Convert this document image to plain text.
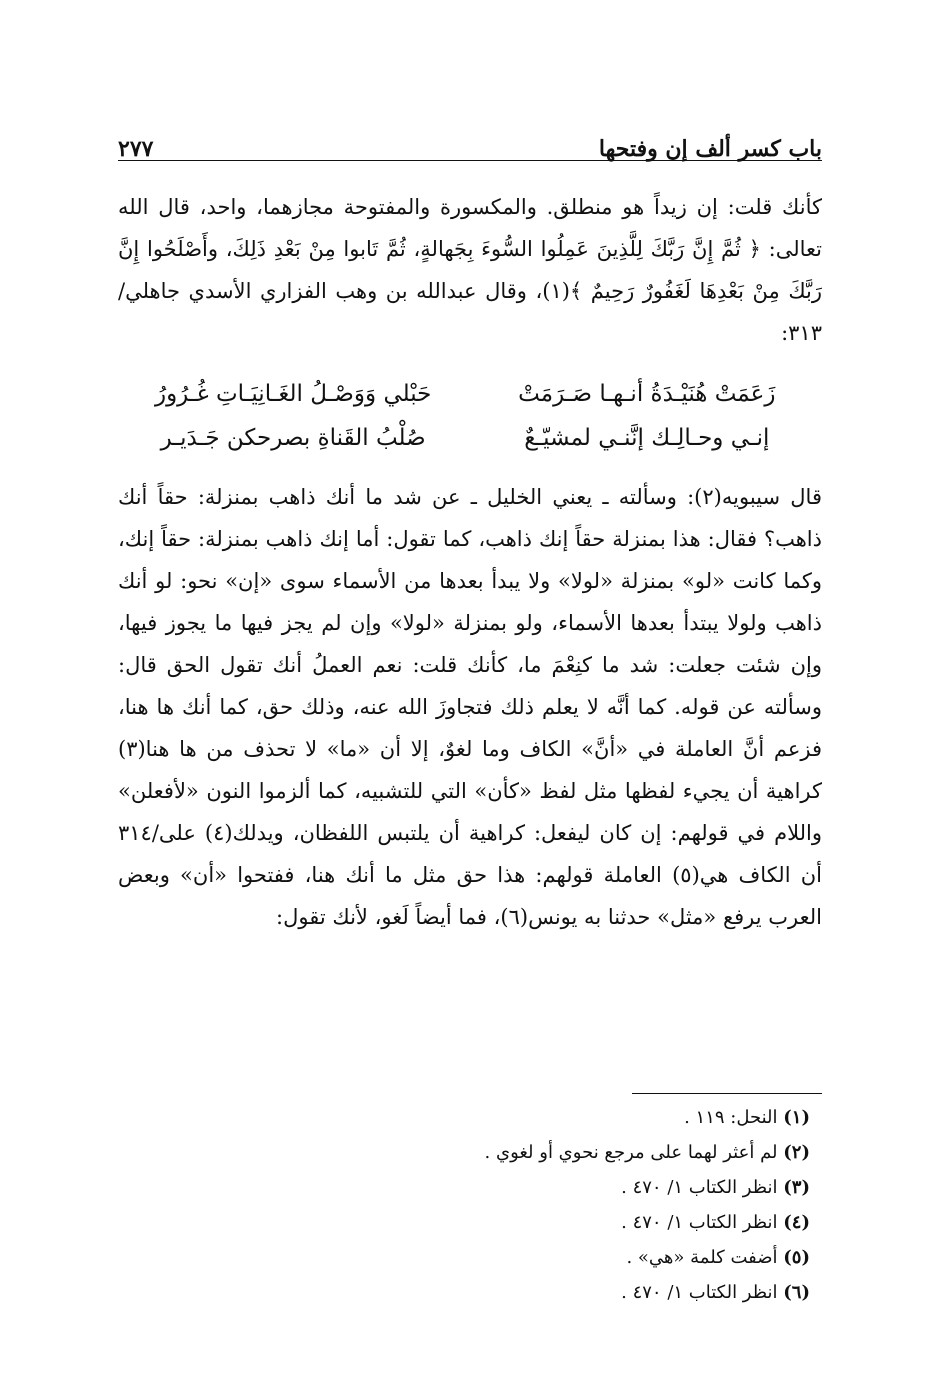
باب كسر ألف إن وفتحها
٢٧٧

كأنك قلت: إن زيداً هو منطلق. والمكسورة والمفتوحة مجازهما، واحد، قال الله تعالى: ﴿ ثُمَّ إِنَّ رَبَّكَ لِلَّذِينَ عَمِلُوا السُّوءَ بِجَهالةٍ، ثُمَّ تَابوا مِنْ بَعْدِ ذَلِكَ، وأَصْلَحُوا إِنَّ رَبَّكَ مِنْ بَعْدِهَا لَغَفُورٌ رَحِيمٌ ﴾(١)، وقال عبدالله بن وهب الفزاري الأسدي جاهلي/٣١٣:

زَعَمَتْ هُنَيْـدَةُ أنـهـا صَـرَمَتْ
حَبْلي وَوَصْـلُ الغَـانِيَـاتِ غُـرُورُ
إنـي وحـالِـك إنَّنـي لمشيّـعٌ
صُلْبُ القَناةِ بصرحكن جَـدَيـر

قال سيبويه(٢): وسألته ـ يعني الخليل ـ عن شد ما أنك ذاهب بمنزلة: حقاً أنك ذاهب؟ فقال: هذا بمنزلة حقاً إنك ذاهب، كما تقول: أما إنك ذاهب بمنزلة: حقاً إنك، وكما كانت «لو» بمنزلة «لولا» ولا يبدأ بعدها من الأسماء سوى «إن» نحو: لو أنك ذاهب ولولا يبتدأ بعدها الأسماء، ولو بمنزلة «لولا» وإن لم يجز فيها ما يجوز فيها، وإن شئت جعلت: شد ما كنِعْمَ ما، كأنك قلت: نعم العملُ أنك تقول الحق قال: وسألته عن قوله. كما أنَّه لا يعلم ذلك فتجاوزَ الله عنه، وذلك حق، كما أنك ها هنا، فزعم أنَّ العاملة في «أنَّ» الكاف وما لغوٌ، إلا أن «ما» لا تحذف من ها هنا(٣) كراهية أن يجيء لفظها مثل لفظ «كأن» التي للتشبيه، كما ألزموا النون «لأفعلن» واللام في قولهم: إن كان ليفعل: كراهية أن يلتبس اللفظان، ويدلك(٤) على/٣١٤ أن الكاف هي(٥) العاملة قولهم: هذا حق مثل ما أنك هنا، ففتحوا «أن» وبعض العرب يرفع «مثل» حدثنا به يونس(٦)، فما أيضاً لَغو، لأنك تقول:

(١) النحل: ١١٩ .
(٢) لم أعثر لهما على مرجع نحوي أو لغوي .
(٣) انظر الكتاب ١/ ٤٧٠ .
(٤) انظر الكتاب ١/ ٤٧٠ .
(٥) أضفت كلمة «هي» .
(٦) انظر الكتاب ١/ ٤٧٠ .
